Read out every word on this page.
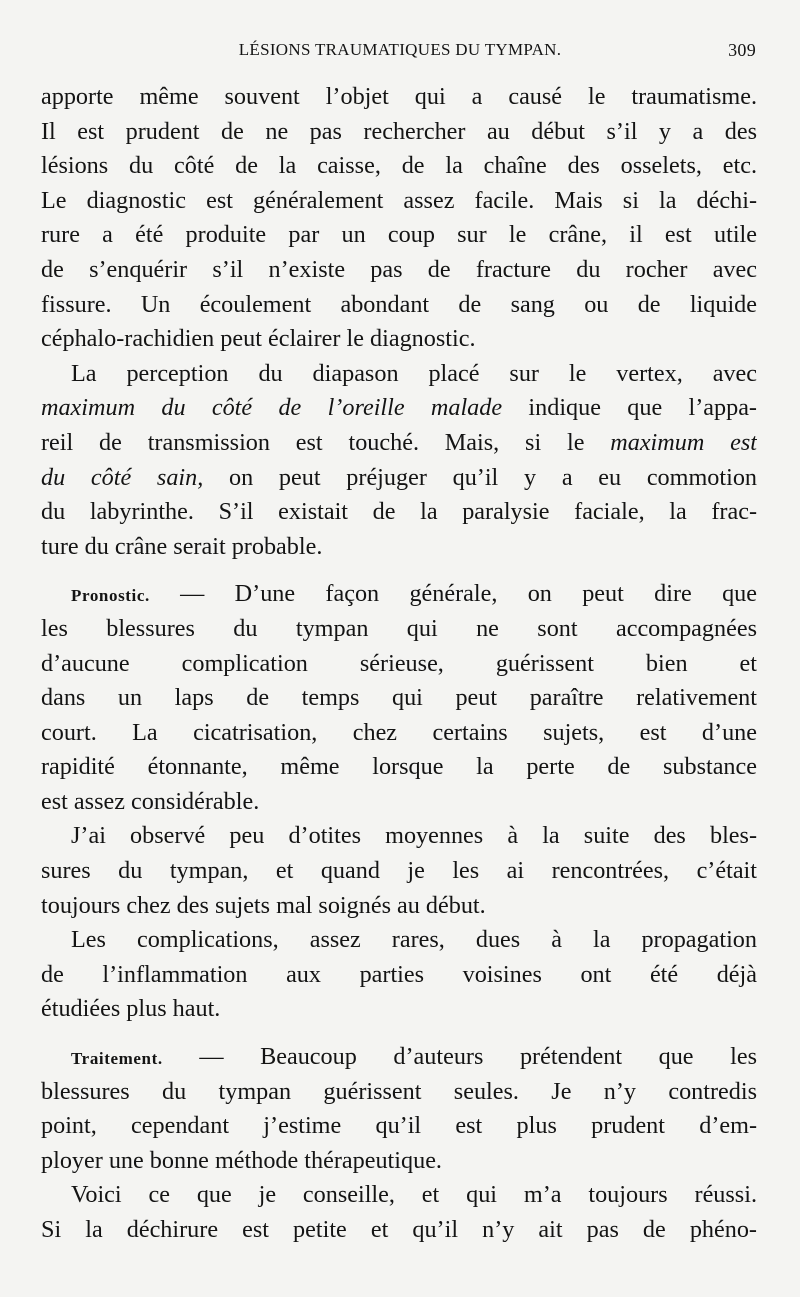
LÉSIONS TRAUMATIQUES DU TYMPAN.	309
apporte même souvent l’objet qui a causé le traumatisme.
Il est prudent de ne pas rechercher au début s’il y a des
lésions du côté de la caisse, de la chaîne des osselets, etc.
Le diagnostic est généralement assez facile. Mais si la déchi-
rure a été produite par un coup sur le crâne, il est utile
de s’enquérir s’il n’existe pas de fracture du rocher avec
fissure. Un écoulement abondant de sang ou de liquide
céphalo-rachidien peut éclairer le diagnostic.
La perception du diapason placé sur le vertex, avec
maximum du côté de l’oreille malade indique que l’appa-
reil de transmission est touché. Mais, si le maximum est
du côté sain, on peut préjuger qu’il y a eu commotion
du labyrinthe. S’il existait de la paralysie faciale, la frac-
ture du crâne serait probable.
Pronostic. — D’une façon générale, on peut dire que
les blessures du tympan qui ne sont accompagnées
d’aucune complication sérieuse, guérissent bien et
dans un laps de temps qui peut paraître relativement
court. La cicatrisation, chez certains sujets, est d’une
rapidité étonnante, même lorsque la perte de substance
est assez considérable.
J’ai observé peu d’otites moyennes à la suite des bles-
sures du tympan, et quand je les ai rencontrées, c’était
toujours chez des sujets mal soignés au début.
Les complications, assez rares, dues à la propagation
de l’inflammation aux parties voisines ont été déjà
étudiées plus haut.
Traitement. — Beaucoup d’auteurs prétendent que les
blessures du tympan guérissent seules. Je n’y contredis
point, cependant j’estime qu’il est plus prudent d’em-
ployer une bonne méthode thérapeutique.
Voici ce que je conseille, et qui m’a toujours réussi.
Si la déchirure est petite et qu’il n’y ait pas de phéno-
